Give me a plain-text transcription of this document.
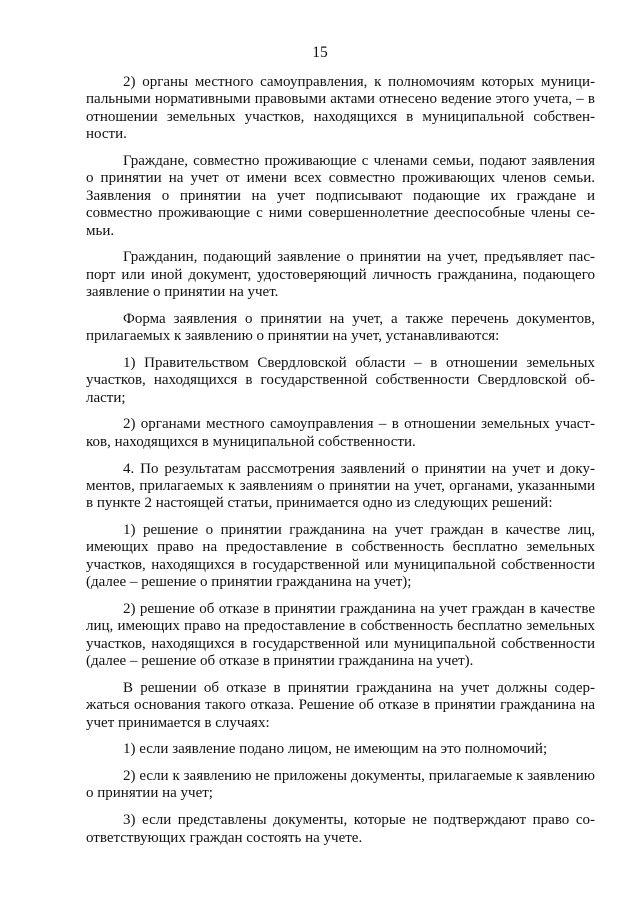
15

2) органы местного самоуправления, к полномочиям которых муниципальными нормативными правовыми актами отнесено ведение этого учета, – в отношении земельных участков, находящихся в муниципальной собственности.

Граждане, совместно проживающие с членами семьи, подают заявления о принятии на учет от имени всех совместно проживающих членов семьи. Заявления о принятии на учет подписывают подающие их граждане и совместно проживающие с ними совершеннолетние дееспособные члены семьи.

Гражданин, подающий заявление о принятии на учет, предъявляет паспорт или иной документ, удостоверяющий личность гражданина, подающего заявление о принятии на учет.

Форма заявления о принятии на учет, а также перечень документов, прилагаемых к заявлению о принятии на учет, устанавливаются:

1) Правительством Свердловской области – в отношении земельных участков, находящихся в государственной собственности Свердловской области;

2) органами местного самоуправления – в отношении земельных участков, находящихся в муниципальной собственности.

4. По результатам рассмотрения заявлений о принятии на учет и документов, прилагаемых к заявлениям о принятии на учет, органами, указанными в пункте 2 настоящей статьи, принимается одно из следующих решений:

1) решение о принятии гражданина на учет граждан в качестве лиц, имеющих право на предоставление в собственность бесплатно земельных участков, находящихся в государственной или муниципальной собственности (далее – решение о принятии гражданина на учет);

2) решение об отказе в принятии гражданина на учет граждан в качестве лиц, имеющих право на предоставление в собственность бесплатно земельных участков, находящихся в государственной или муниципальной собственности (далее – решение об отказе в принятии гражданина на учет).

В решении об отказе в принятии гражданина на учет должны содержаться основания такого отказа. Решение об отказе в принятии гражданина на учет принимается в случаях:

1) если заявление подано лицом, не имеющим на это полномочий;

2) если к заявлению не приложены документы, прилагаемые к заявлению о принятии на учет;

3) если представлены документы, которые не подтверждают право соответствующих граждан состоять на учете.
